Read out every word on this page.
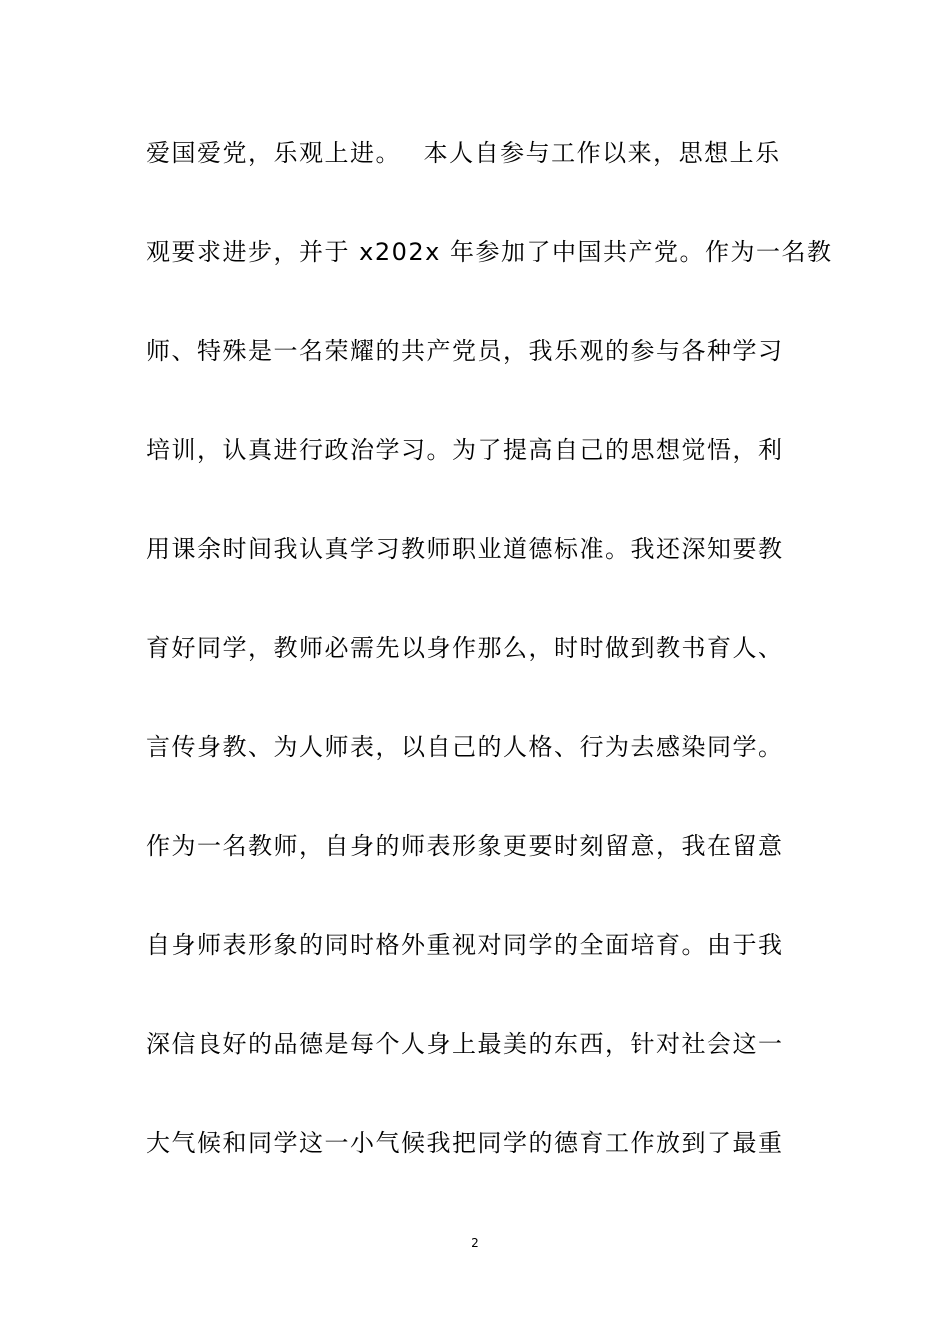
爱国爱党，乐观上进。　 本人自参与工作以来，思想上乐
观要求进步，并于 x202x 年参加了中国共产党。作为一名教
师、特殊是一名荣耀的共产党员，我乐观的参与各种学习
培训，认真进行政治学习。为了提高自己的思想觉悟，利
用课余时间我认真学习教师职业道德标准。我还深知要教
育好同学，教师必需先以身作那么，时时做到教书育人、
言传身教、为人师表，以自己的人格、行为去感染同学。
作为一名教师，自身的师表形象更要时刻留意，我在留意
自身师表形象的同时格外重视对同学的全面培育。由于我
深信良好的品德是每个人身上最美的东西，针对社会这一
大气候和同学这一小气候我把同学的德育工作放到了最重
2
